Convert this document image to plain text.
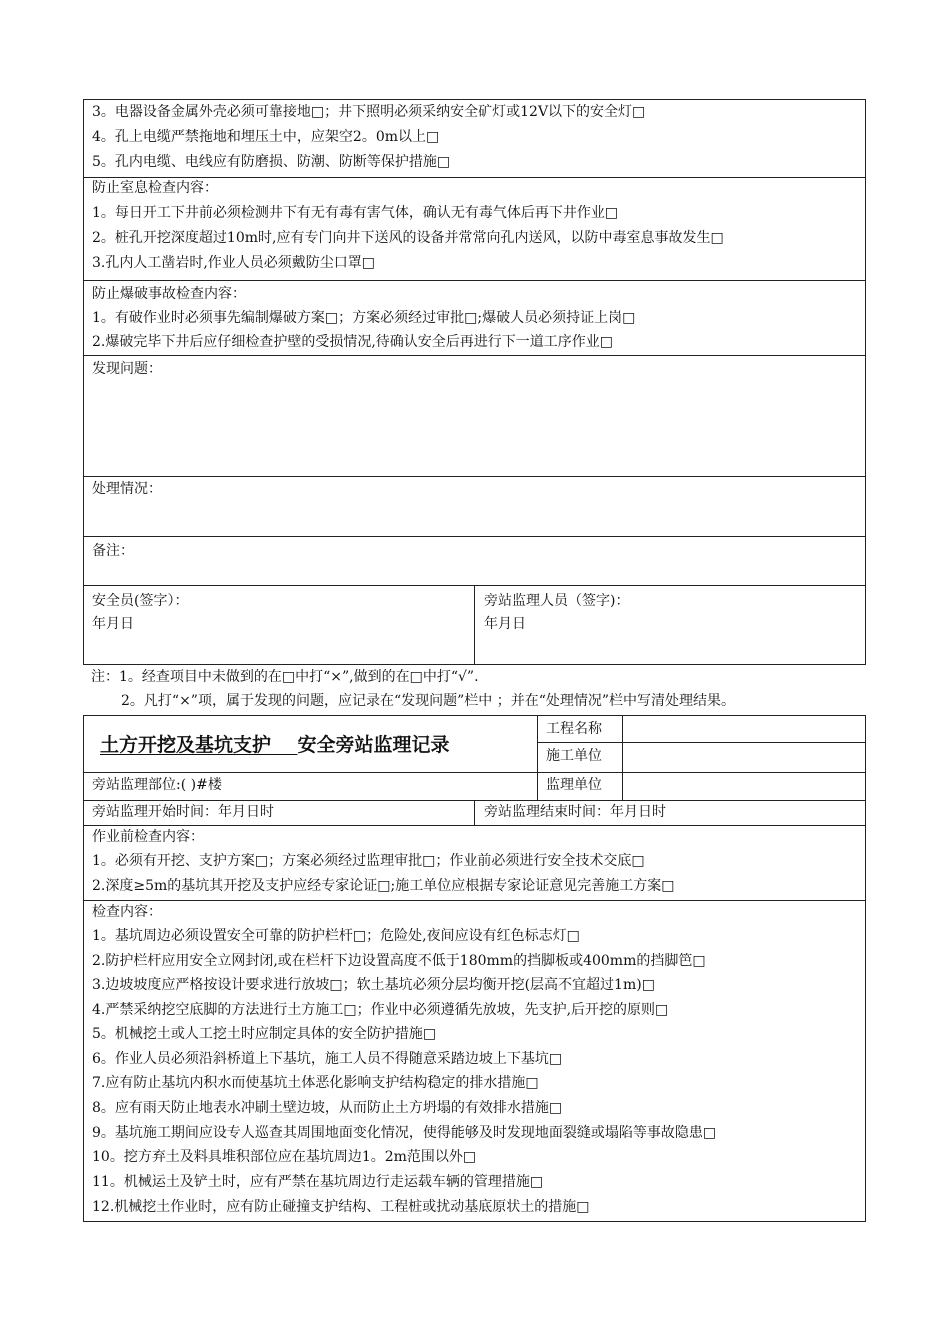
3。电器设备金属外壳必须可靠接地□；井下照明必须采纳安全矿灯或12V以下的安全灯□
4。孔上电缆严禁拖地和埋压土中，应架空2。0m以上□
5。孔内电缆、电线应有防磨损、防潮、防断等保护措施□
防止室息检查内容：
1。每日开工下井前必须检测井下有无有毒有害气体，确认无有毒气体后再下井作业□
2。桩孔开挖深度超过10m时,应有专门向井下送风的设备并常常向孔内送风，以防中毒室息事故发生□
3.孔内人工凿岩时,作业人员必须戴防尘口罩□
防止爆破事故检查内容：
1。有破作业时必须事先编制爆破方案□；方案必须经过审批□;爆破人员必须持证上岗□
2.爆破完毕下井后应仔细检查护壁的受损情况,待确认安全后再进行下一道工序作业□
发现问题：
处理情况：
备注：
安全员(签字）：
年月日
旁站监理人员（签字)：
年月日
注：1。经查项目中未做到的在□中打“×”,做到的在□中打“√”.
2。凡打“×”项，属于发现的问题，应记录在“发现问题”栏中 ；并在“处理情况”栏中写清处理结果。
土方开挖及基坑支护 安全旁站监理记录
工程名称
施工单位
旁站监理部位:( )#楼	监理单位
旁站监理开始时间：年月日时	旁站监理结束时间：年月日时
作业前检查内容：
1。必须有开挖、支护方案□；方案必须经过监理审批□；作业前必须进行安全技术交底□
2.深度≥5m的基坑其开挖及支护应经专家论证□;施工单位应根据专家论证意见完善施工方案□
检查内容：
1。基坑周边必须设置安全可靠的防护栏杆□；危险处,夜间应设有红色标志灯□
2.防护栏杆应用安全立网封闭,或在栏杆下边设置高度不低于180mm的挡脚板或400mm的挡脚笆□
3.边坡坡度应严格按设计要求进行放坡□；软土基坑必须分层均衡开挖(层高不宜超过1m)□
4.严禁采纳挖空底脚的方法进行土方施工□；作业中必须遵循先放坡，先支护,后开挖的原则□
5。机械挖土或人工挖土时应制定具体的安全防护措施□
6。作业人员必须沿斜桥道上下基坑，施工人员不得随意采踏边坡上下基坑□
7.应有防止基坑内积水而使基坑土体恶化影响支护结构稳定的排水措施□
8。应有雨天防止地表水冲刷土壁边坡，从而防止土方坍塌的有效排水措施□
9。基坑施工期间应设专人巡查其周围地面变化情况，使得能够及时发现地面裂缝或塌陷等事故隐患□
10。挖方弃土及料具堆积部位应在基坑周边1。2m范围以外□
11。机械运土及铲土时，应有严禁在基坑周边行走运载车辆的管理措施□
12.机械挖土作业时，应有防止碰撞支护结构、工程桩或扰动基底原状土的措施□
